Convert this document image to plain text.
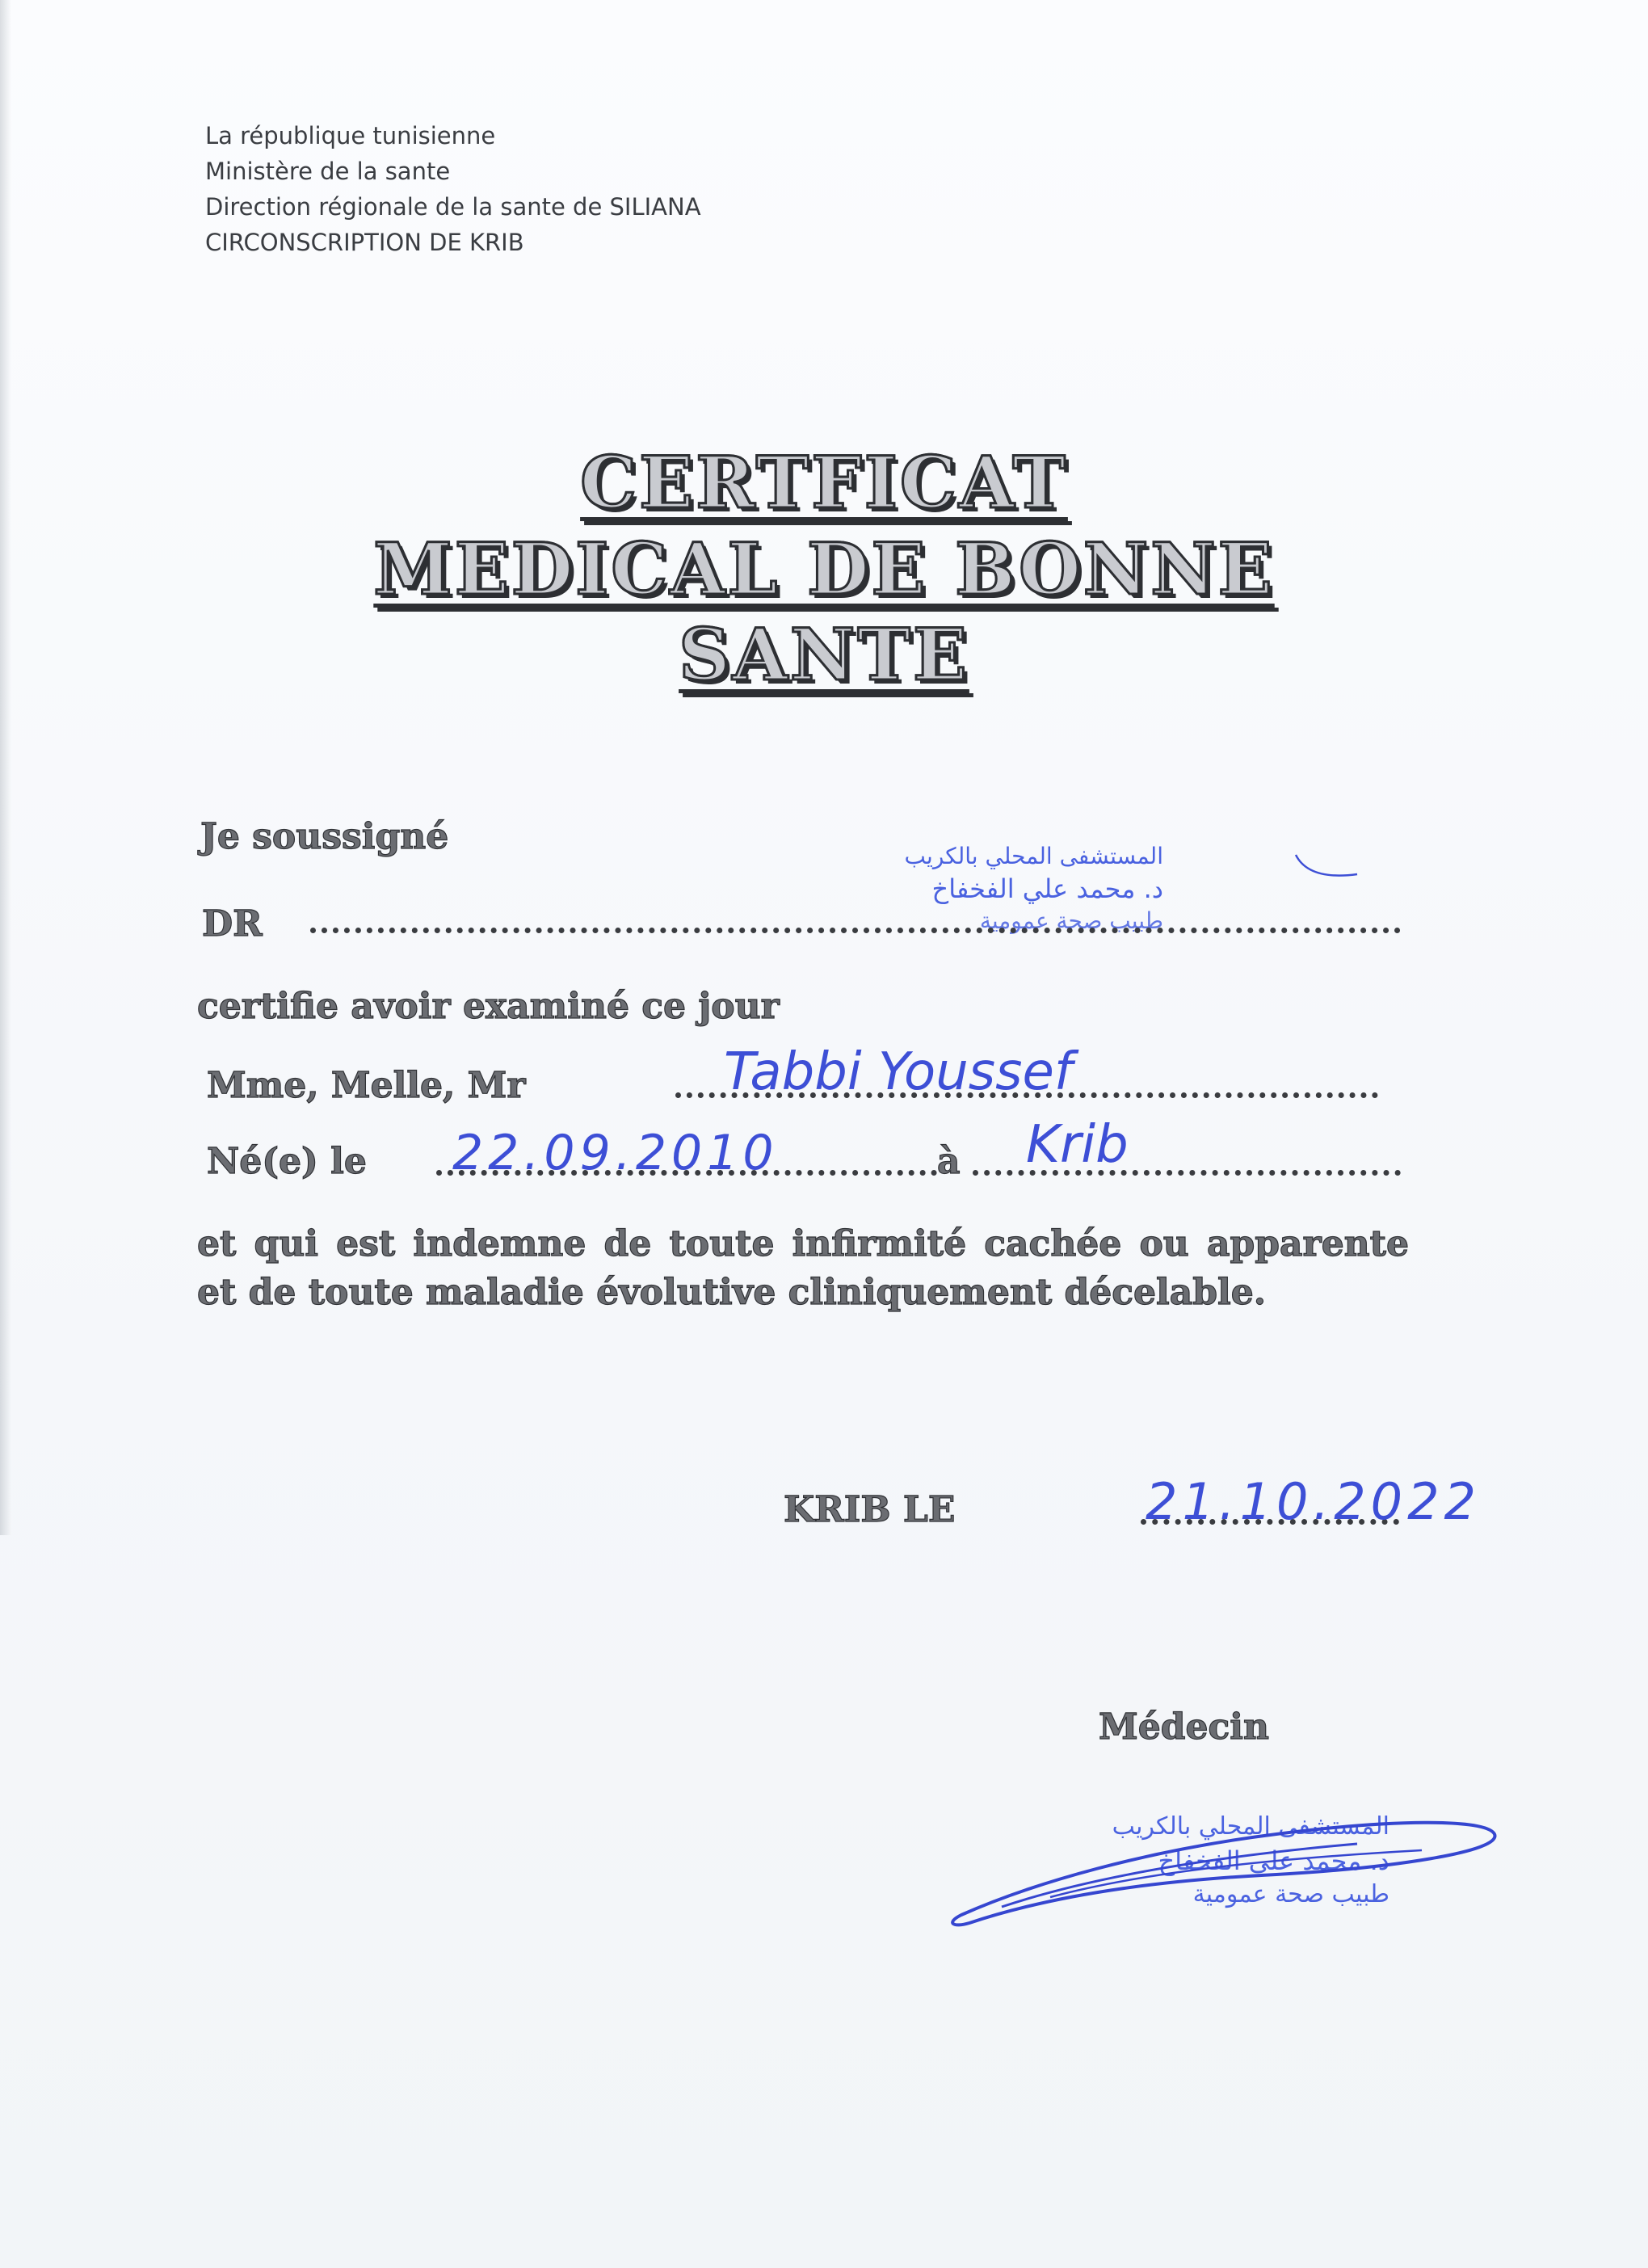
La république tunisienne
Ministère de la sante
Direction régionale de la sante de SILIANA
CIRCONSCRIPTION DE KRIB
CERTFICAT
MEDICAL DE BONNE
SANTE
Je soussigné	المستشفى المحلي بالكريب
د. محمد علي الفخفاخ
طبيب صحة عمومية
DR
certifie avoir examiné ce jour
Mme, Melle, Mr	Tabbi Youssef
Né(e) le 22.09.2010	à Krib
et qui est indemne de toute infirmité cachée ou apparente et de toute maladie évolutive cliniquement décelable.
KRIB LE	21.10.2022
Médecin
المستشفى المحلي بالكريب
د. محمد علي الفخفاخ
طبيب صحة عمومية
